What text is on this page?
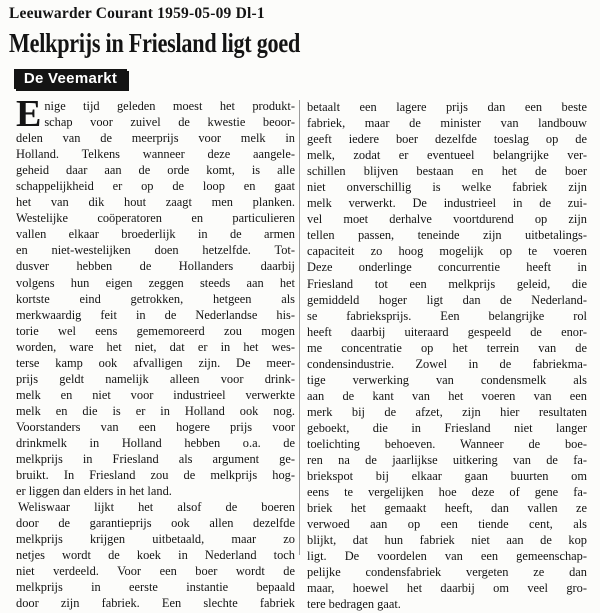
Leeuwarder Courant 1959-05-09 Dl-1
Melkprijs in Friesland ligt goed
De Veemarkt
E nige tijd geleden moest het produkt-
schap voor zuivel de kwestie beoor-
delen van de meerprijs voor melk in
Holland. Telkens wanneer deze aangele-
geheid daar aan de orde komt, is alle
schappelijkheid er op de loop en gaat
het van dik hout zaagt men planken.
Westelijke coöperatoren en particulieren
vallen elkaar broederlijk in de armen
en niet-westelijken doen hetzelfde. Tot-
dusver hebben de Hollanders daarbij
volgens hun eigen zeggen steeds aan het
kortste eind getrokken, hetgeen als
merkwaardig feit in de Nederlandse his-
torie wel eens gememoreerd zou mogen
worden, ware het niet, dat er in het wes-
terse kamp ook afvalligen zijn. De meer-
prijs geldt namelijk alleen voor drink-
melk en niet voor industrieel verwerkte
melk en die is er in Holland ook nog.
Voorstanders van een hogere prijs voor
drinkmelk in Holland hebben o.a. de
melkprijs in Friesland als argument ge-
bruikt. In Friesland zou de melkprijs hog-
er liggen dan elders in het land.
Weliswaar lijkt het alsof de boeren
door de garantieprijs ook allen dezelfde
melkprijs krijgen uitbetaald, maar zo
netjes wordt de koek in Nederland toch
niet verdeeld. Voor een boer wordt de
melkprijs in eerste instantie bepaald
door zijn fabriek. Een slechte fabriek
betaalt een lagere prijs dan een beste
fabriek, maar de minister van landbouw
geeft iedere boer dezelfde toeslag op de
melk, zodat er eventueel belangrijke ver-
schillen blijven bestaan en het de boer
niet onverschillig is welke fabriek zijn
melk verwerkt. De industrieel in de zui-
vel moet derhalve voortdurend op zijn
tellen passen, teneinde zijn uitbetalings-
capaciteit zo hoog mogelijk op te voeren
Deze onderlinge concurrentie heeft in
Friesland tot een melkprijs geleid, die
gemiddeld hoger ligt dan de Nederland-
se fabrieksprijs. Een belangrijke rol
heeft daarbij uiteraard gespeeld de enor-
me concentratie op het terrein van de
condensindustrie. Zowel in de fabriekma-
tige verwerking van condensmelk als
aan de kant van het voeren van een
merk bij de afzet, zijn hier resultaten
geboekt, die in Friesland niet langer
toelichting behoeven. Wanneer de boe-
ren na de jaarlijkse uitkering van de fa-
briekspot bij elkaar gaan buurten om
eens te vergelijken hoe deze of gene fa-
briek het gemaakt heeft, dan vallen ze
verwoed aan op een tiende cent, als
blijkt, dat hun fabriek niet aan de kop
ligt. De voordelen van een gemeenschap-
pelijke condensfabriek vergeten ze dan
maar, hoewel het daarbij om veel gro-
tere bedragen gaat.
